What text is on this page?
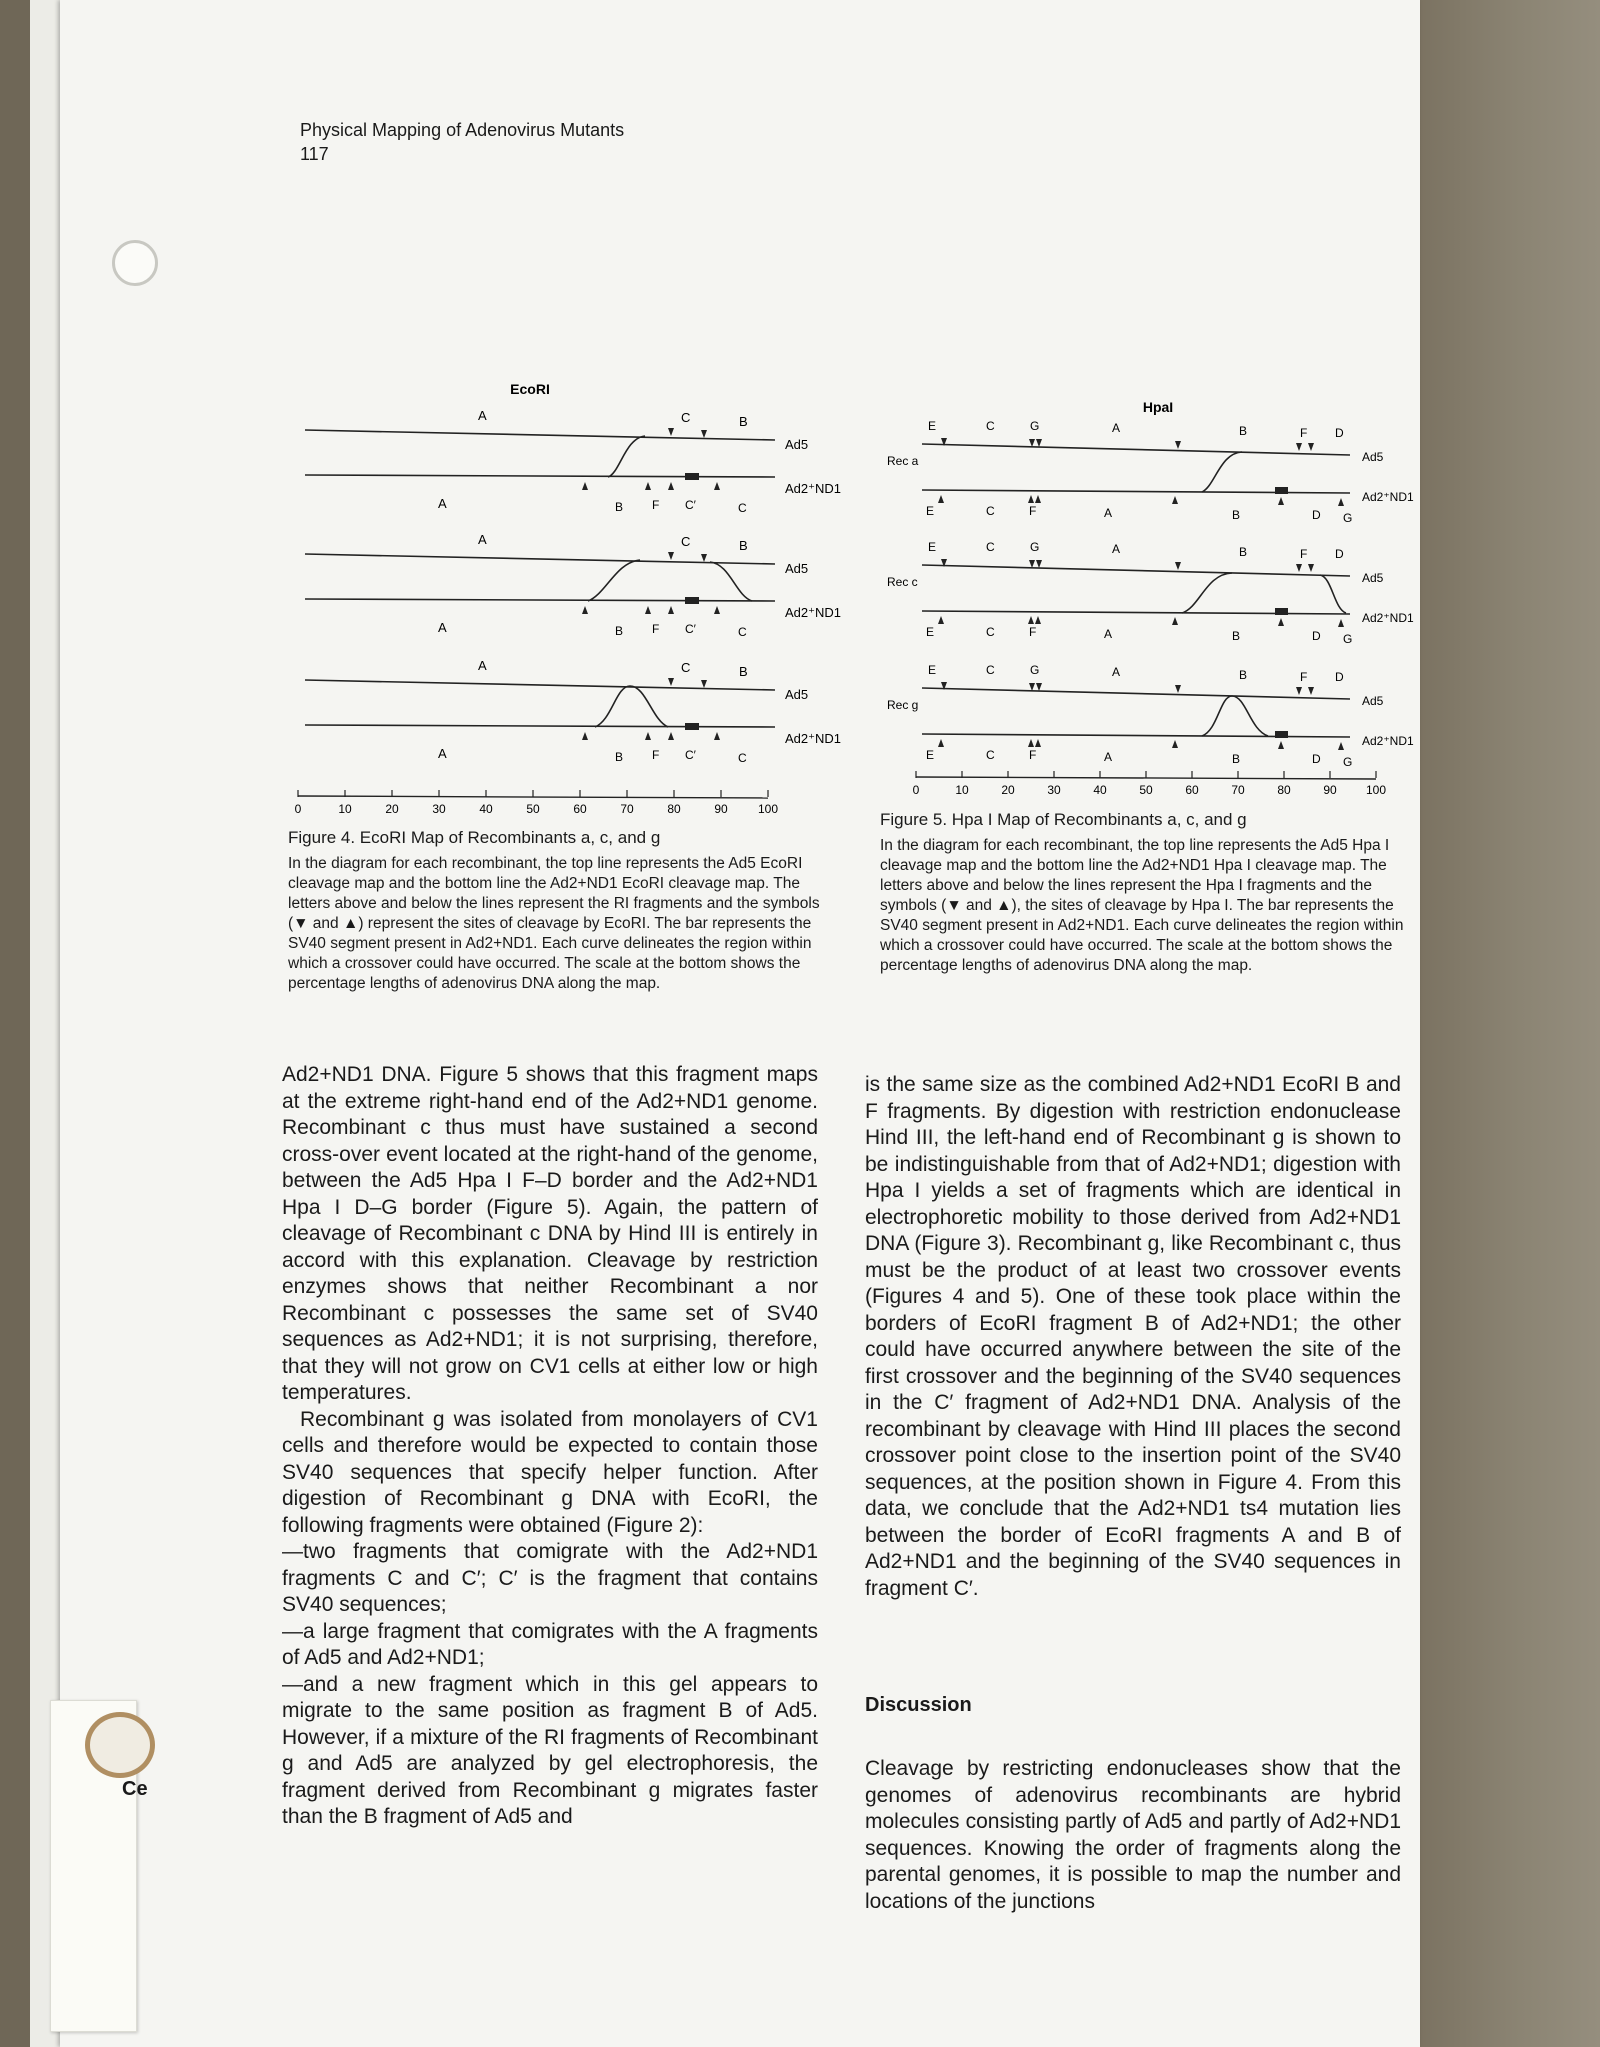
Ce
Physical Mapping of Adenovirus Mutants
117
EcoRI
A	C	B
Ad5
Ad2⁺ND1
A	B F C′	C
A	C	B
Ad5
Ad2⁺ND1
A	B F C′	C
A	C	B
Ad5
Ad2⁺ND1
A	B F C′	C
0	10	20	30	40	50	60	70	80	90	100
Figure 4. EcoRI Map of Recombinants a, c, and g
In the diagram for each recombinant, the top line represents the Ad5 EcoRI cleavage map and the bottom line the Ad2+ND1 EcoRI cleavage map. The letters above and below the lines represent the RI fragments and the symbols (▼ and ▲) represent the sites of cleavage by EcoRI. The bar represents the SV40 segment present in Ad2+ND1. Each curve delineates the region within which a crossover could have occurred. The scale at the bottom shows the percentage lengths of adenovirus DNA along the map.
HpaI
Rec a
E	C	G	A	B	F D
Ad5
Ad2⁺ND1
E	C	F	A	B	D G
Rec c
E	C	G	A	B	F D
Ad5
Ad2⁺ND1
E	C	F	A	B	D G
Rec g
E	C	G	A	B	F D
Ad5
Ad2⁺ND1
E	C	F	A	B	D G
0	10	20	30	40	50	60	70	80	90 100
Figure 5. Hpa I Map of Recombinants a, c, and g
In the diagram for each recombinant, the top line represents the Ad5 Hpa I cleavage map and the bottom line the Ad2+ND1 Hpa I cleavage map. The letters above and below the lines represent the Hpa I fragments and the symbols (▼ and ▲), the sites of cleavage by Hpa I. The bar represents the SV40 segment present in Ad2+ND1. Each curve delineates the region within which a crossover could have occurred. The scale at the bottom shows the percentage lengths of adenovirus DNA along the map.

Ad2+ND1 DNA. Figure 5 shows that this fragment maps at the extreme right-hand end of the Ad2+ND1 genome. Recombinant c thus must have sustained a second cross-over event located at the right-hand of the genome, between the Ad5 Hpa I F–D border and the Ad2+ND1 Hpa I D–G border (Figure 5). Again, the pattern of cleavage of Recombinant c DNA by Hind III is entirely in accord with this explanation. Cleavage by restriction enzymes shows that neither Recombinant a nor Recombinant c possesses the same set of SV40 sequences as Ad2+ND1; it is not surprising, therefore, that they will not grow on CV1 cells at either low or high temperatures.

Recombinant g was isolated from monolayers of CV1 cells and therefore would be expected to contain those SV40 sequences that specify helper function. After digestion of Recombinant g DNA with EcoRI, the following fragments were obtained (Figure 2):

—two fragments that comigrate with the Ad2+ND1 fragments C and C′; C′ is the fragment that contains SV40 sequences;

—a large fragment that comigrates with the A fragments of Ad5 and Ad2+ND1;

—and a new fragment which in this gel appears to migrate to the same position as fragment B of Ad5. However, if a mixture of the RI fragments of Recombinant g and Ad5 are analyzed by gel electrophoresis, the fragment derived from Recombinant g migrates faster than the B fragment of Ad5 and

is the same size as the combined Ad2+ND1 EcoRI B and F fragments. By digestion with restriction endonuclease Hind III, the left-hand end of Recombinant g is shown to be indistinguishable from that of Ad2+ND1; digestion with Hpa I yields a set of fragments which are identical in electrophoretic mobility to those derived from Ad2+ND1 DNA (Figure 3). Recombinant g, like Recombinant c, thus must be the product of at least two crossover events (Figures 4 and 5). One of these took place within the borders of EcoRI fragment B of Ad2+ND1; the other could have occurred anywhere between the site of the first crossover and the beginning of the SV40 sequences in the C′ fragment of Ad2+ND1 DNA. Analysis of the recombinant by cleavage with Hind III places the second crossover point close to the insertion point of the SV40 sequences, at the position shown in Figure 4. From this data, we conclude that the Ad2+ND1 ts4 mutation lies between the border of EcoRI fragments A and B of Ad2+ND1 and the beginning of the SV40 sequences in fragment C′.

Discussion

Cleavage by restricting endonucleases show that the genomes of adenovirus recombinants are hybrid molecules consisting partly of Ad5 and partly of Ad2+ND1 sequences. Knowing the order of fragments along the parental genomes, it is possible to map the number and locations of the junctions
